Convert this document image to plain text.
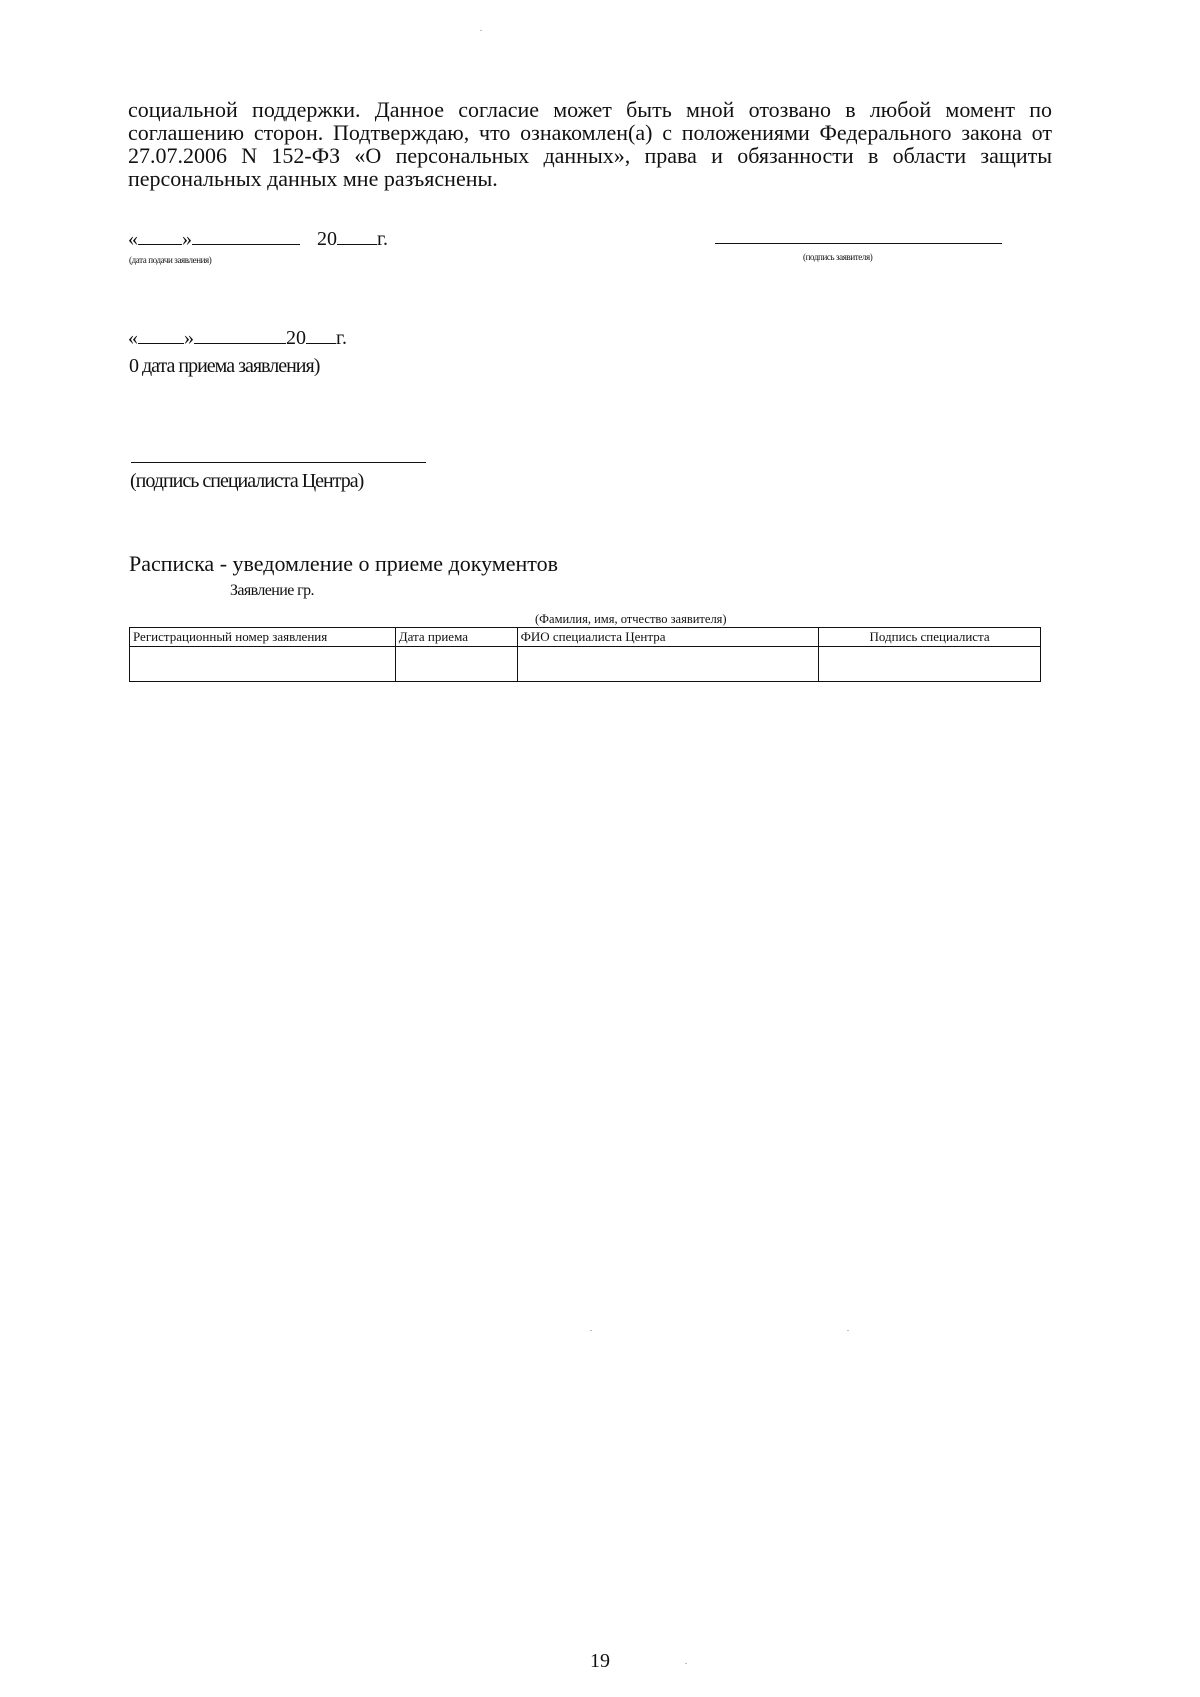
социальной поддержки. Данное согласие может быть мной отозвано в любой момент по соглашению сторон. Подтверждаю, что ознакомлен(а) с положениями Федерального закона от 27.07.2006 N 152-ФЗ «О персональных данных», права и обязанности в области защиты персональных данных мне разъяснены.

« »	20 г.
(дата подачи заявления)	(подпись заявителя)
« »	20 г.
0 дата приема заявления)
(подпись специалиста Центра)
Расписка - уведомление о приеме документов
Заявление гр.
(Фамилия, имя, отчество заявителя)
Регистрационный номер заявления	Дата приема	ФИО специалиста Центра	Подпись специалиста

19
